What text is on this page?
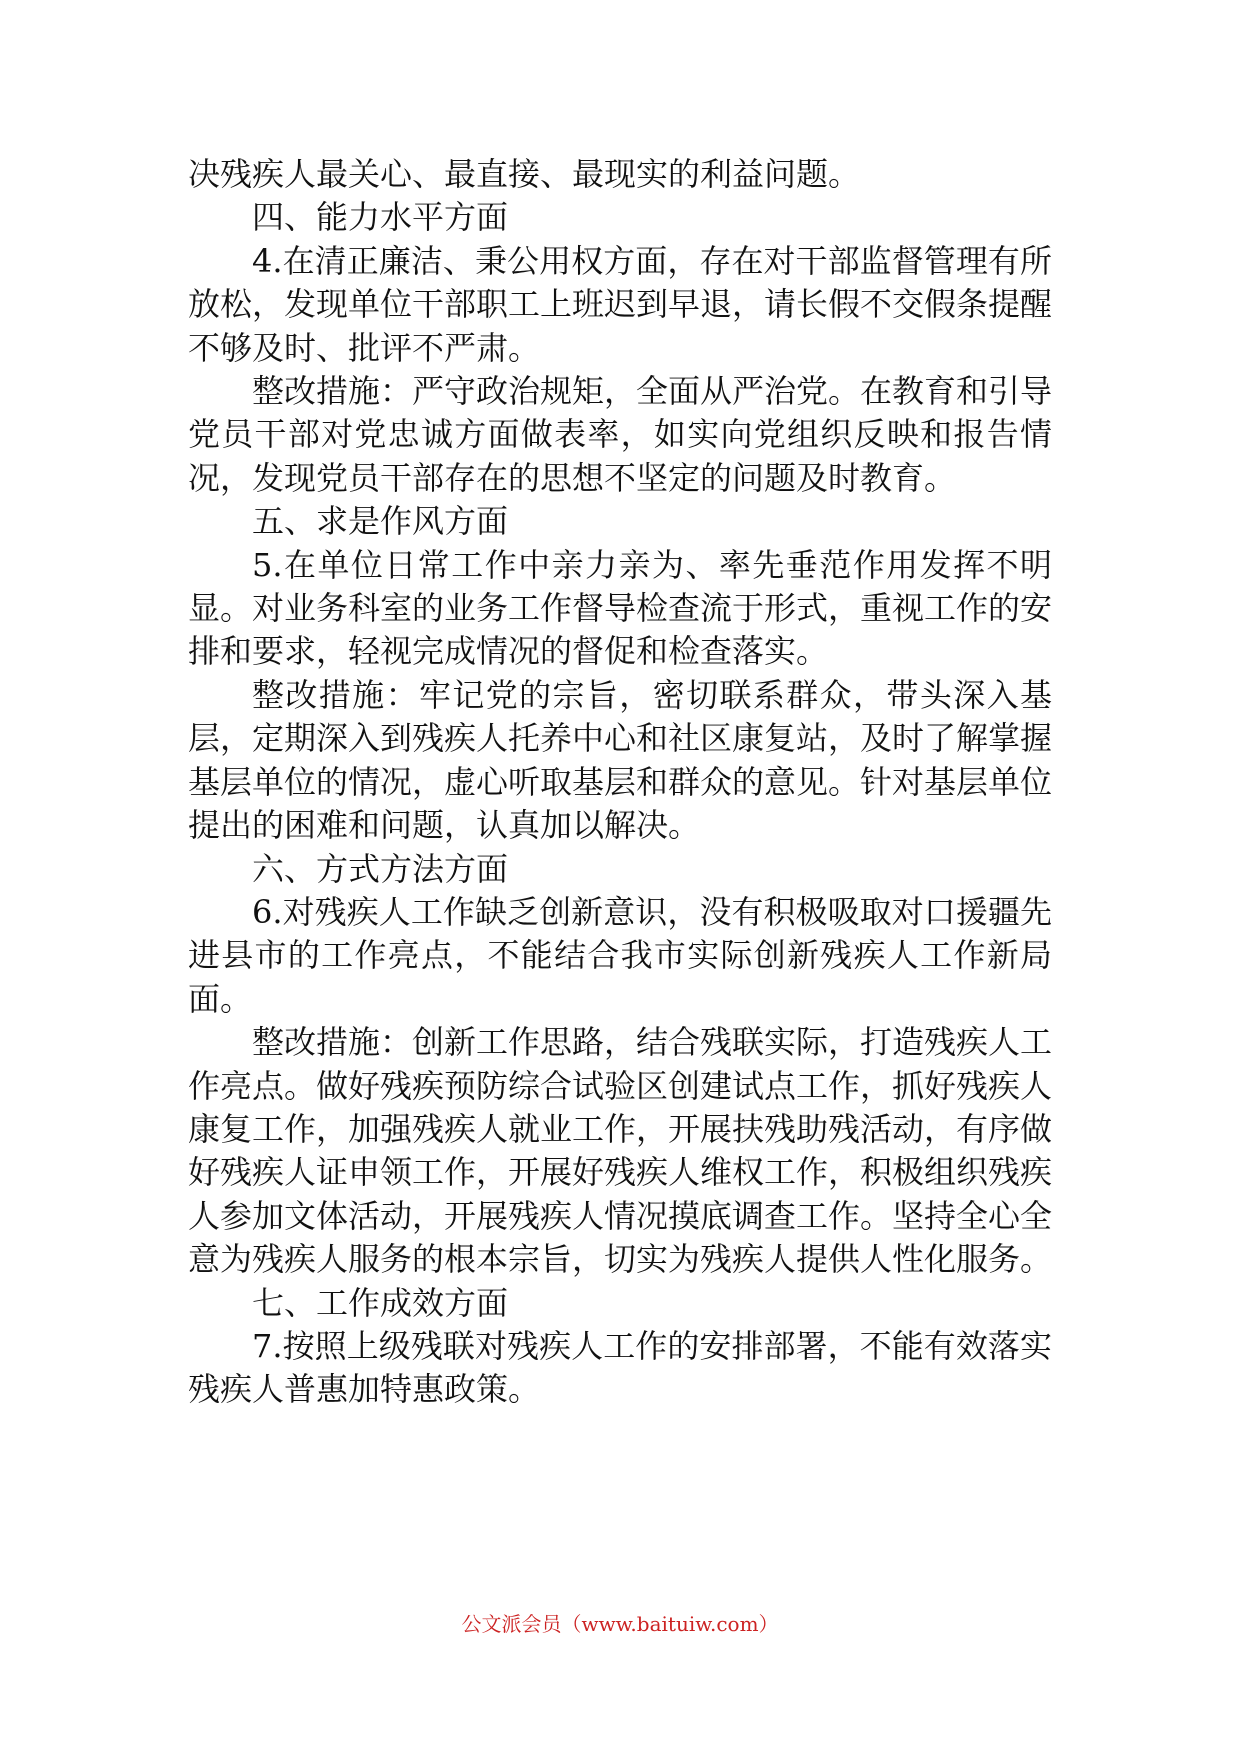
决残疾人最关心、最直接、最现实的利益问题。

四、能力水平方面

4.在清正廉洁、秉公用权方面，存在对干部监督管理有所放松，发现单位干部职工上班迟到早退，请长假不交假条提醒不够及时、批评不严肃。

整改措施：严守政治规矩，全面从严治党。在教育和引导党员干部对党忠诚方面做表率，如实向党组织反映和报告情况，发现党员干部存在的思想不坚定的问题及时教育。

五、求是作风方面

5.在单位日常工作中亲力亲为、率先垂范作用发挥不明显。对业务科室的业务工作督导检查流于形式，重视工作的安排和要求，轻视完成情况的督促和检查落实。

整改措施：牢记党的宗旨，密切联系群众，带头深入基层，定期深入到残疾人托养中心和社区康复站，及时了解掌握基层单位的情况，虚心听取基层和群众的意见。针对基层单位提出的困难和问题，认真加以解决。

六、方式方法方面

6.对残疾人工作缺乏创新意识，没有积极吸取对口援疆先进县市的工作亮点，不能结合我市实际创新残疾人工作新局面。

整改措施：创新工作思路，结合残联实际，打造残疾人工作亮点。做好残疾预防综合试验区创建试点工作，抓好残疾人康复工作，加强残疾人就业工作，开展扶残助残活动，有序做好残疾人证申领工作，开展好残疾人维权工作，积极组织残疾人参加文体活动，开展残疾人情况摸底调查工作。坚持全心全意为残疾人服务的根本宗旨，切实为残疾人提供人性化服务。

七、工作成效方面

7.按照上级残联对残疾人工作的安排部署，不能有效落实残疾人普惠加特惠政策。

公文派会员（www.baituiw.com）
